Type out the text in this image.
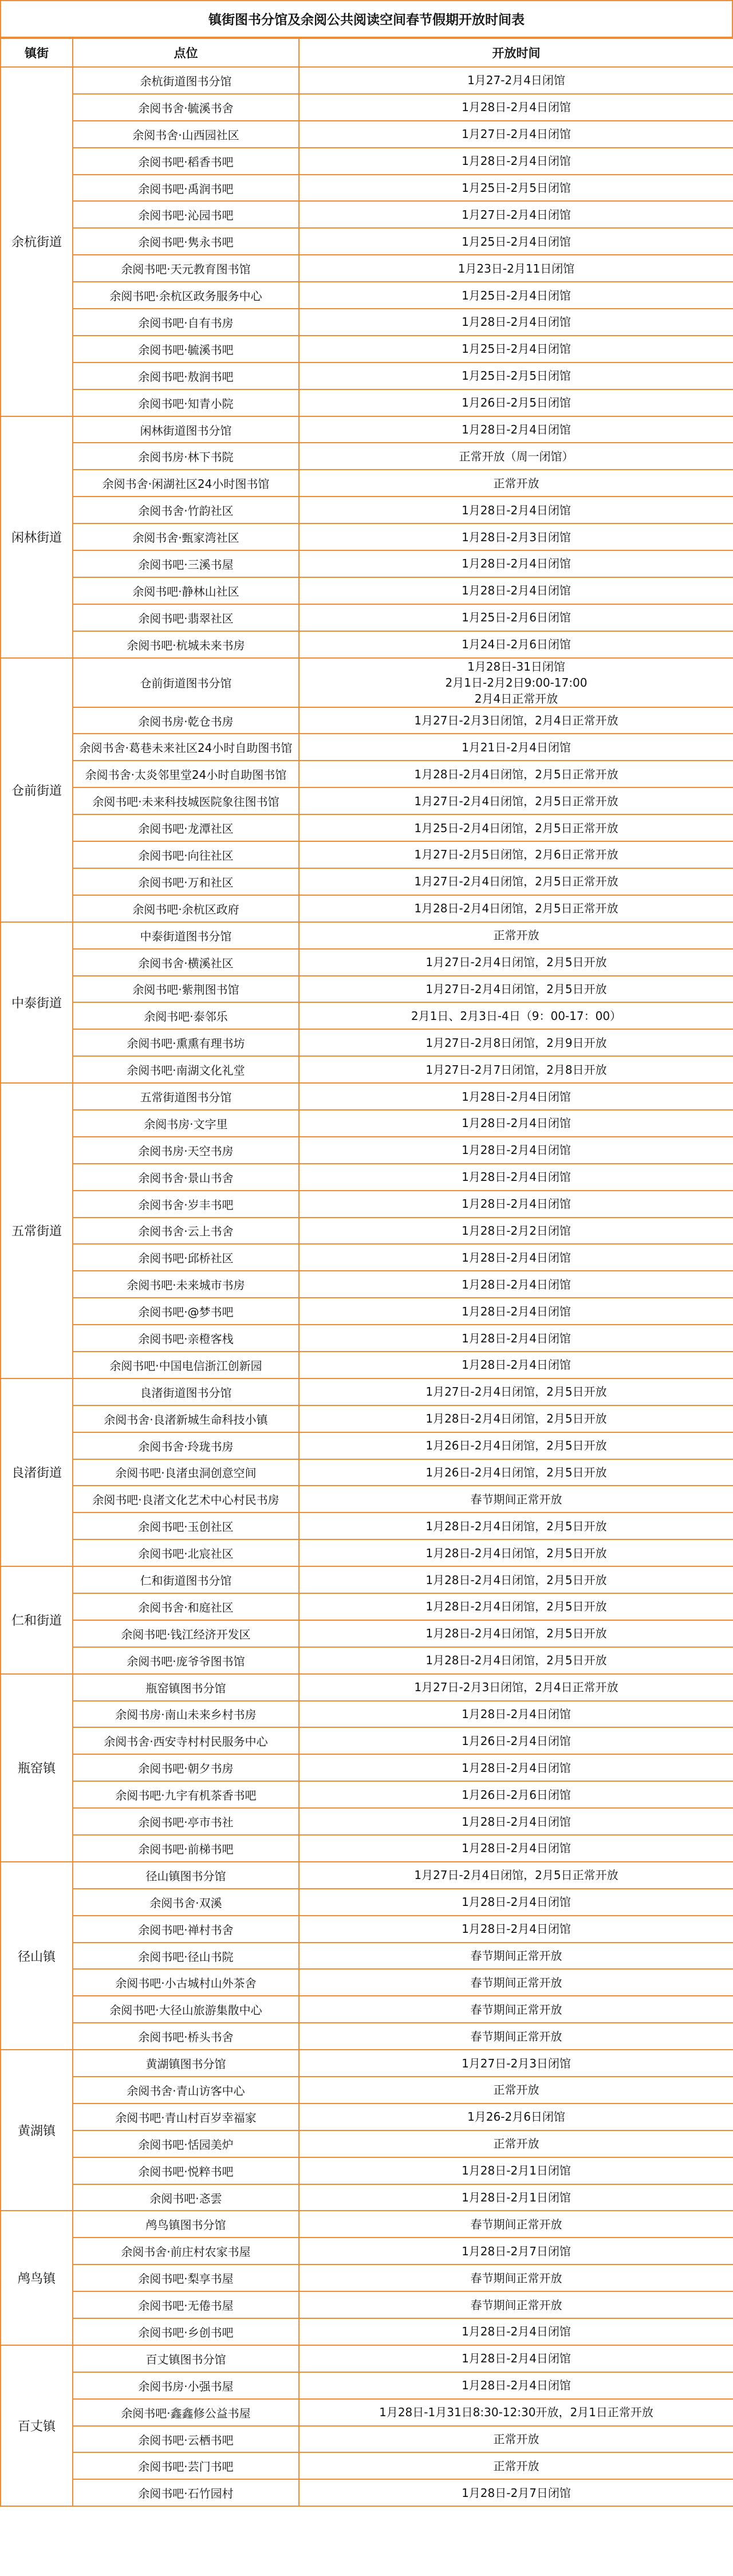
镇街图书分馆及余阅公共阅读空间春节假期开放时间表
镇街	点位	开放时间
余杭街道	余杭街道图书分馆	1月27-2月4日闭馆

	余阅书舍·毓溪书舍	1月28日-2月4日闭馆

	余阅书舍·山西园社区	1月27日-2月4日闭馆

	余阅书吧·稻香书吧	1月28日-2月4日闭馆

	余阅书吧·禹润书吧	1月25日-2月5日闭馆

	余阅书吧·沁园书吧	1月27日-2月4日闭馆

	余阅书吧·隽永书吧	1月25日-2月4日闭馆

	余阅书吧·天元教育图书馆	1月23日-2月11日闭馆

	余阅书吧·余杭区政务服务中心	1月25日-2月4日闭馆

	余阅书吧·自有书房	1月28日-2月4日闭馆

	余阅书吧·毓溪书吧	1月25日-2月4日闭馆

	余阅书吧·敖润书吧	1月25日-2月5日闭馆

	余阅书吧·知青小院	1月26日-2月5日闭馆

闲林街道	闲林街道图书分馆	1月28日-2月4日闭馆

	余阅书房·林下书院	正常开放（周一闭馆）

	余阅书舍·闲湖社区24小时图书馆	正常开放

	余阅书舍·竹韵社区	1月28日-2月4日闭馆

	余阅书舍·甄家湾社区	1月28日-2月3日闭馆

	余阅书吧·三溪书屋	1月28日-2月4日闭馆

	余阅书吧·静林山社区	1月28日-2月4日闭馆

	余阅书吧·翡翠社区	1月25日-2月6日闭馆

	余阅书吧·杭城未来书房	1月24日-2月6日闭馆

仓前街道	仓前街道图书分馆	1月28日-31日闭馆
2月1日-2月2日9:00-17:00
2月4日正常开放

	余阅书房·乾仓书房	1月27日-2月3日闭馆，2月4日正常开放

	余阅书舍·葛巷未来社区24小时自助图书馆	1月21日-2月4日闭馆

	余阅书舍·太炎邻里堂24小时自助图书馆	1月28日-2月4日闭馆，2月5日正常开放

	余阅书吧·未来科技城医院象往图书馆	1月27日-2月4日闭馆，2月5日正常开放

	余阅书吧·龙潭社区	1月25日-2月4日闭馆，2月5日正常开放

	余阅书吧·向往社区	1月27日-2月5日闭馆，2月6日正常开放

	余阅书吧·万和社区	1月27日-2月4日闭馆，2月5日正常开放

	余阅书吧·余杭区政府	1月28日-2月4日闭馆，2月5日正常开放

中泰街道	中泰街道图书分馆	正常开放

	余阅书舍·横溪社区	1月27日-2月4日闭馆，2月5日开放

	余阅书吧·紫荆图书馆	1月27日-2月4日闭馆，2月5日开放

	余阅书吧·泰邻乐	2月1日、2月3日-4日（9：00-17：00）

	余阅书吧·熏熏有理书坊	1月27日-2月8日闭馆，2月9日开放

	余阅书吧·南湖文化礼堂	1月27日-2月7日闭馆，2月8日开放

五常街道	五常街道图书分馆	1月28日-2月4日闭馆

	余阅书房·文字里	1月28日-2月4日闭馆

	余阅书房·天空书房	1月28日-2月4日闭馆

	余阅书舍·景山书舍	1月28日-2月4日闭馆

	余阅书舍·岁丰书吧	1月28日-2月4日闭馆

	余阅书舍·云上书舍	1月28日-2月2日闭馆

	余阅书吧·邱桥社区	1月28日-2月4日闭馆

	余阅书吧·未来城市书房	1月28日-2月4日闭馆

	余阅书吧·@梦书吧	1月28日-2月4日闭馆

	余阅书吧·亲橙客栈	1月28日-2月4日闭馆

	余阅书吧·中国电信浙江创新园	1月28日-2月4日闭馆

良渚街道	良渚街道图书分馆	1月27日-2月4日闭馆，2月5日开放

	余阅书舍·良渚新城生命科技小镇	1月28日-2月4日闭馆，2月5日开放

	余阅书舍·玲珑书房	1月26日-2月4日闭馆，2月5日开放

	余阅书吧·良渚虫洞创意空间	1月26日-2月4日闭馆，2月5日开放

	余阅书吧·良渚文化艺术中心村民书房	春节期间正常开放

	余阅书吧·玉创社区	1月28日-2月4日闭馆，2月5日开放

	余阅书吧·北宸社区	1月28日-2月4日闭馆，2月5日开放

仁和街道	仁和街道图书分馆	1月28日-2月4日闭馆，2月5日开放

	余阅书舍·和庭社区	1月28日-2月4日闭馆，2月5日开放

	余阅书吧·钱江经济开发区	1月28日-2月4日闭馆，2月5日开放

	余阅书吧·庞爷爷图书馆	1月28日-2月4日闭馆，2月5日开放

瓶窑镇	瓶窑镇图书分馆	1月27日-2月3日闭馆，2月4日正常开放

	余阅书房·南山未来乡村书房	1月28日-2月4日闭馆

	余阅书舍·西安寺村村民服务中心	1月26日-2月4日闭馆

	余阅书吧·朝夕书房	1月28日-2月4日闭馆

	余阅书吧·九宇有机茶香书吧	1月26日-2月6日闭馆

	余阅书吧·亭市书社	1月28日-2月4日闭馆

	余阅书吧·前梯书吧	1月28日-2月4日闭馆

径山镇	径山镇图书分馆	1月27日-2月4日闭馆，2月5日正常开放

	余阅书舍·双溪	1月28日-2月4日闭馆

	余阅书吧·禅村书舍	1月28日-2月4日闭馆

	余阅书吧·径山书院	春节期间正常开放

	余阅书吧·小古城村山外茶舍	春节期间正常开放

	余阅书吧·大径山旅游集散中心	春节期间正常开放

	余阅书吧·桥头书舍	春节期间正常开放

黄湖镇	黄湖镇图书分馆	1月27日-2月3日闭馆

	余阅书舍·青山访客中心	正常开放

	余阅书吧·青山村百岁幸福家	1月26-2月6日闭馆

	余阅书吧·恬园美炉	正常开放

	余阅书吧·悦粹书吧	1月28日-2月1日闭馆

	余阅书吧·忞雲	1月28日-2月1日闭馆

鸬鸟镇	鸬鸟镇图书分馆	春节期间正常开放

	余阅书舍·前庄村农家书屋	1月28日-2月7日闭馆

	余阅书吧·梨享书屋	春节期间正常开放

	余阅书吧·无倦书屋	春节期间正常开放

	余阅书吧·乡创书吧	1月28日-2月4日闭馆

百丈镇	百丈镇图书分馆	1月28日-2月4日闭馆

	余阅书房·小强书屋	1月28日-2月4日闭馆

	余阅书吧·鑫鑫修公益书屋	1月28日-1月31日8:30-12:30开放，2月1日正常开放

	余阅书吧·云栖书吧	正常开放

	余阅书吧·芸门书吧	正常开放

	余阅书吧·石竹园村	1月28日-2月7日闭馆
